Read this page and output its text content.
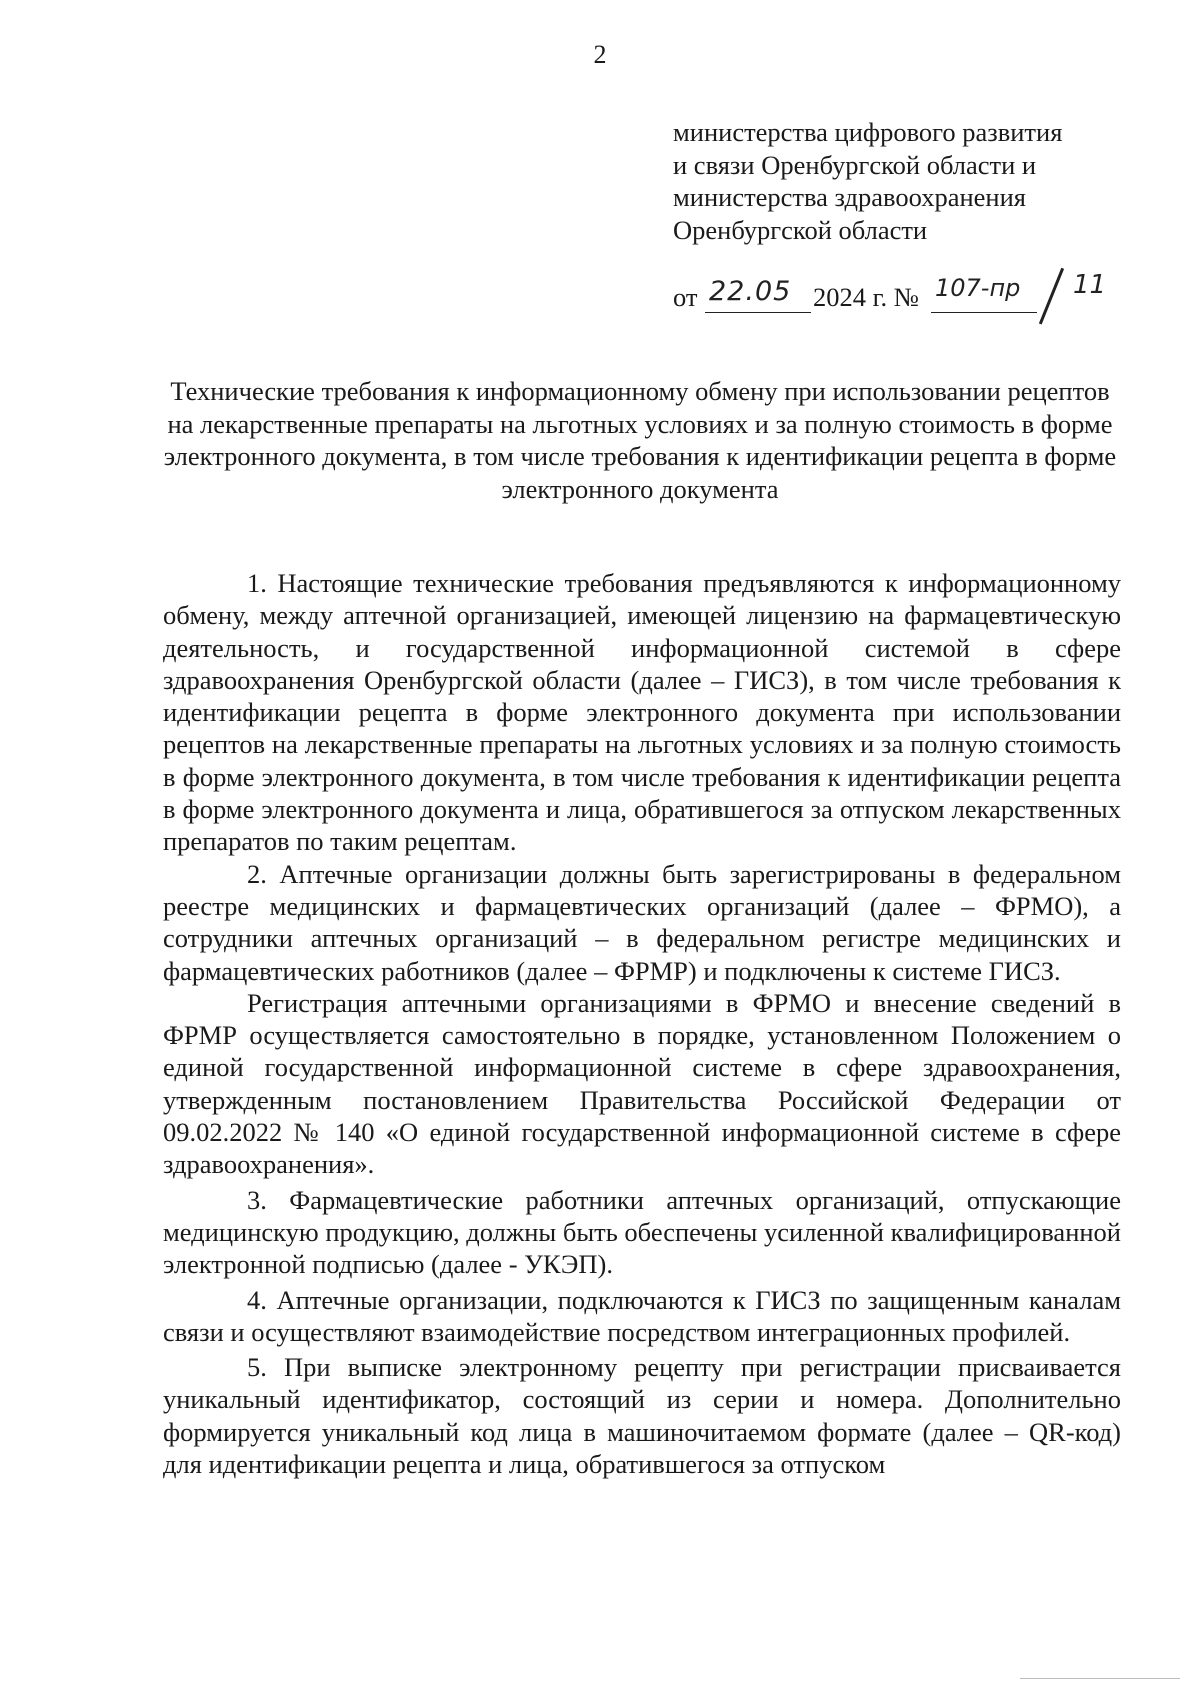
2
министерства цифрового развития
и связи Оренбургской области и
министерства здравоохранения
Оренбургской области
от 22.05 2024 г. № 107-пр 11
Технические требования к информационному обмену при использовании рецептов на лекарственные препараты на льготных условиях и за полную стоимость в форме электронного документа, в том числе требования к идентификации рецепта в форме электронного документа

1. Настоящие технические требования предъявляются к информационному обмену, между аптечной организацией, имеющей лицензию на фармацевтическую деятельность, и государственной информационной системой в сфере здравоохранения Оренбургской области (далее – ГИСЗ), в том числе требования к идентификации рецепта в форме электронного документа при использовании рецептов на лекарственные препараты на льготных условиях и за полную стоимость в форме электронного документа, в том числе требования к идентификации рецепта в форме электронного документа и лица, обратившегося за отпуском лекарственных препаратов по таким рецептам.

2. Аптечные организации должны быть зарегистрированы в федеральном реестре медицинских и фармацевтических организаций (далее – ФРМО), а сотрудники аптечных организаций – в федеральном регистре медицинских и фармацевтических работников (далее – ФРМР) и подключены к системе ГИСЗ.

Регистрация аптечными организациями в ФРМО и внесение сведений в ФРМР осуществляется самостоятельно в порядке, установленном Положением о единой государственной информационной системе в сфере здравоохранения, утвержденным постановлением Правительства Российской Федерации от 09.02.2022 № 140 «О единой государственной информационной системе в сфере здравоохранения».

3. Фармацевтические работники аптечных организаций, отпускающие медицинскую продукцию, должны быть обеспечены усиленной квалифицированной электронной подписью (далее - УКЭП).

4. Аптечные организации, подключаются к ГИСЗ по защищенным каналам связи и осуществляют взаимодействие посредством интеграционных профилей.

5. При выписке электронному рецепту при регистрации присваивается уникальный идентификатор, состоящий из серии и номера. Дополнительно формируется уникальный код лица в машиночитаемом формате (далее – QR-код) для идентификации рецепта и лица, обратившегося за отпуском
